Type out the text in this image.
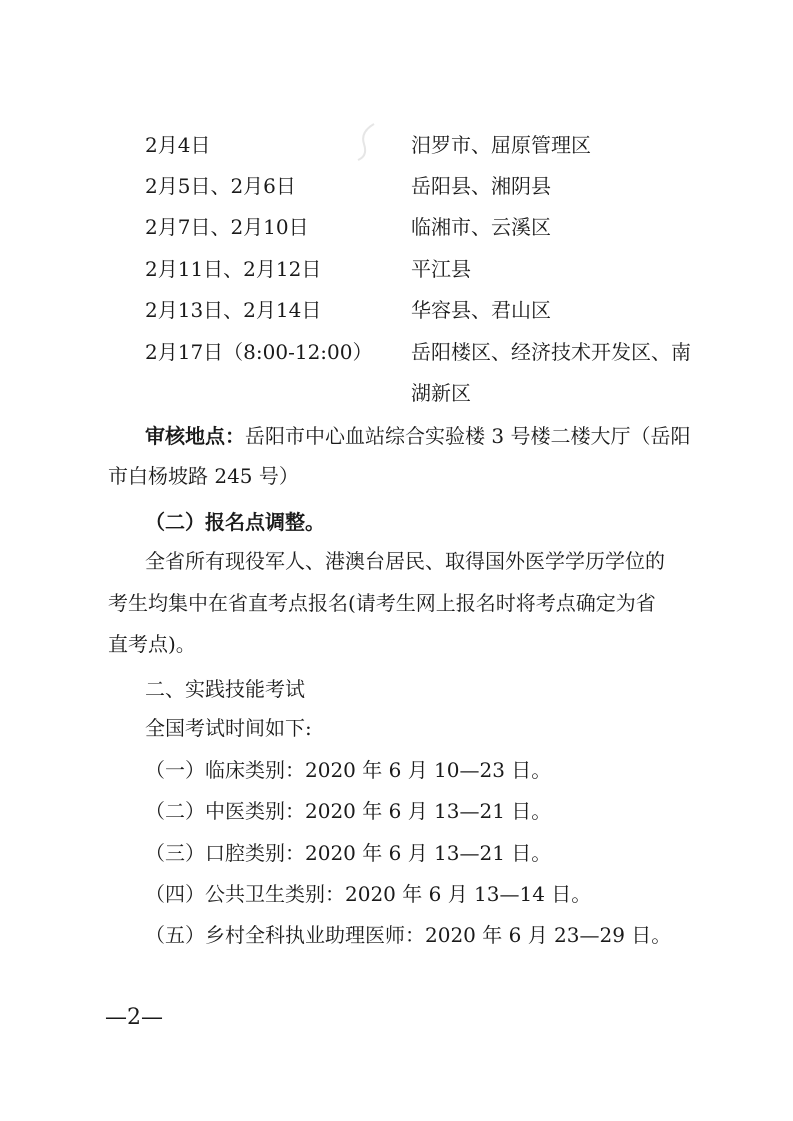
2月4日	汨罗市、屈原管理区
2月5日、2月6日	岳阳县、湘阴县
2月7日、2月10日	临湘市、云溪区
2月11日、2月12日	平江县
2月13日、2月14日	华容县、君山区
2月17日（8:00-12:00） 岳阳楼区、经济技术开发区、南
湖新区
审核地点：岳阳市中心血站综合实验楼 3 号楼二楼大厅（岳阳
市白杨坡路 245 号）
（二）报名点调整。
全省所有现役军人、港澳台居民、取得国外医学学历学位的
考生均集中在省直考点报名(请考生网上报名时将考点确定为省
直考点)。
二、实践技能考试
全国考试时间如下:
（一）临床类别：2020 年 6 月 10—23 日。
（二）中医类别：2020 年 6 月 13—21 日。
（三）口腔类别：2020 年 6 月 13—21 日。
（四）公共卫生类别：2020 年 6 月 13—14 日。
（五）乡村全科执业助理医师：2020 年 6 月 23—29 日。
—2—
